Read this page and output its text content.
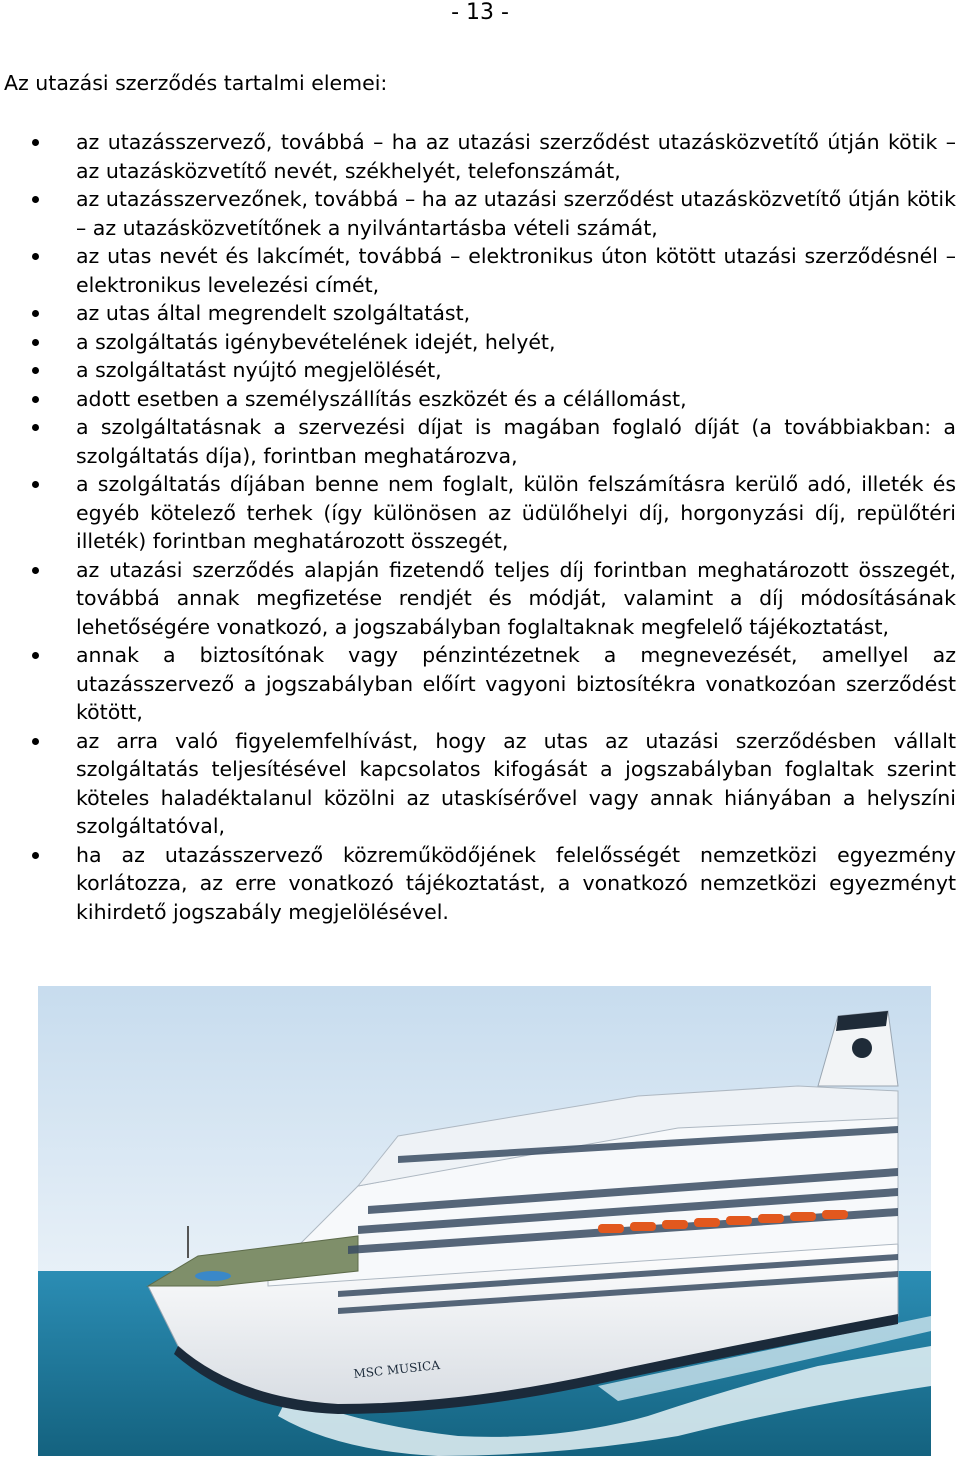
- 13 -
Az utazási szerződés tartalmi elemei:
az utazásszervező, továbbá – ha az utazási szerződést utazásközvetítő útján kötik – az utazásközvetítő nevét, székhelyét, telefonszámát,
az utazásszervezőnek, továbbá – ha az utazási szerződést utazásközvetítő útján kötik – az utazásközvetítőnek a nyilvántartásba vételi számát,
az utas nevét és lakcímét, továbbá – elektronikus úton kötött utazási szerződésnél – elektronikus levelezési címét,
az utas által megrendelt szolgáltatást,
a szolgáltatás igénybevételének idejét, helyét,
a szolgáltatást nyújtó megjelölését,
adott esetben a személyszállítás eszközét és a célállomást,
a szolgáltatásnak a szervezési díjat is magában foglaló díját (a továbbiakban: a szolgáltatás díja), forintban meghatározva,
a szolgáltatás díjában benne nem foglalt, külön felszámításra kerülő adó, illeték és egyéb kötelező terhek (így különösen az üdülőhelyi díj, horgonyzási díj, repülőtéri illeték) forintban meghatározott összegét,
az utazási szerződés alapján fizetendő teljes díj forintban meghatározott összegét, továbbá annak megfizetése rendjét és módját, valamint a díj módosításának lehetőségére vonatkozó, a jogszabályban foglaltaknak megfelelő tájékoztatást,
annak a biztosítónak vagy pénzintézetnek a megnevezését, amellyel az utazásszervező a jogszabályban előírt vagyoni biztosítékra vonatkozóan szerződést kötött,
az arra való figyelemfelhívást, hogy az utas az utazási szerződésben vállalt szolgáltatás teljesítésével kapcsolatos kifogását a jogszabályban foglaltak szerint köteles haladéktalanul közölni az utaskísérővel vagy annak hiányában a helyszíni szolgáltatóval,
ha az utazásszervező közreműködőjének felelősségét nemzetközi egyezmény korlátozza, az erre vonatkozó tájékoztatást, a vonatkozó nemzetközi egyezményt kihirdető jogszabály megjelölésével.
MSC MUSICA
